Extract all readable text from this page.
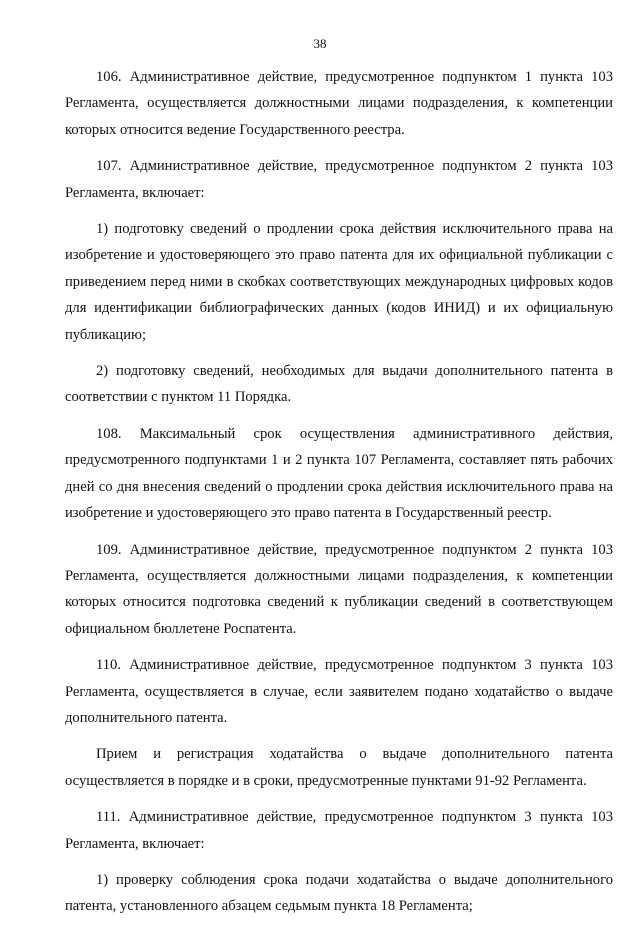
38

106. Административное действие, предусмотренное подпунктом 1 пункта 103 Регламента, осуществляется должностными лицами подразделения, к компетенции которых относится ведение Государственного реестра.

107. Административное действие, предусмотренное подпунктом 2 пункта 103 Регламента, включает:

1) подготовку сведений о продлении срока действия исключительного права на изобретение и удостоверяющего это право патента для их официальной публикации с приведением перед ними в скобках соответствующих международных цифровых кодов для идентификации библиографических данных (кодов ИНИД) и их официальную публикацию;

2) подготовку сведений, необходимых для выдачи дополнительного патента в соответствии с пунктом 11 Порядка.

108. Максимальный срок осуществления административного действия, предусмотренного подпунктами 1 и 2 пункта 107 Регламента, составляет пять рабочих дней со дня внесения сведений о продлении срока действия исключительного права на изобретение и удостоверяющего это право патента в Государственный реестр.

109. Административное действие, предусмотренное подпунктом 2 пункта 103 Регламента, осуществляется должностными лицами подразделения, к компетенции которых относится подготовка сведений к публикации сведений в соответствующем официальном бюллетене Роспатента.

110. Административное действие, предусмотренное подпунктом 3 пункта 103 Регламента, осуществляется в случае, если заявителем подано ходатайство о выдаче дополнительного патента.

Прием и регистрация ходатайства о выдаче дополнительного патента осуществляется в порядке и в сроки, предусмотренные пунктами 91-92 Регламента.

111. Административное действие, предусмотренное подпунктом 3 пункта 103 Регламента, включает:

1) проверку соблюдения срока подачи ходатайства о выдаче дополнительного патента, установленного абзацем седьмым пункта 18 Регламента;
